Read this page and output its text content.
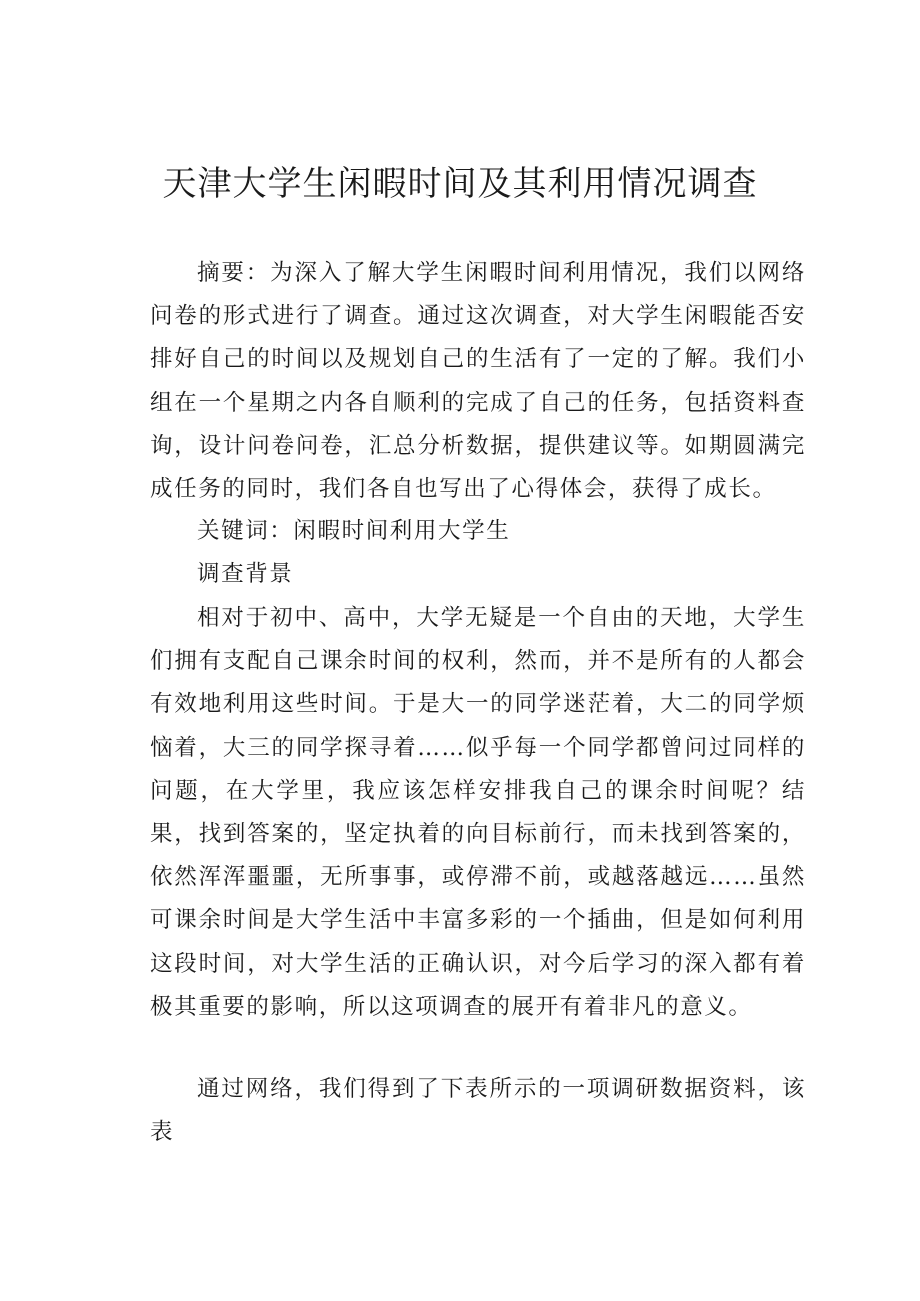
天津大学生闲暇时间及其利用情况调查

摘要：为深入了解大学生闲暇时间利用情况，我们以网络问卷的形式进行了调查。通过这次调查，对大学生闲暇能否安排好自己的时间以及规划自己的生活有了一定的了解。我们小组在一个星期之内各自顺利的完成了自己的任务，包括资料查询，设计问卷问卷，汇总分析数据，提供建议等。如期圆满完成任务的同时，我们各自也写出了心得体会，获得了成长。

关键词：闲暇时间利用大学生

调查背景

相对于初中、高中，大学无疑是一个自由的天地，大学生们拥有支配自己课余时间的权利，然而，并不是所有的人都会有效地利用这些时间。于是大一的同学迷茫着，大二的同学烦恼着，大三的同学探寻着……似乎每一个同学都曾问过同样的问题，在大学里，我应该怎样安排我自己的课余时间呢？结果，找到答案的，坚定执着的向目标前行，而未找到答案的，依然浑浑噩噩，无所事事，或停滞不前，或越落越远……虽然可课余时间是大学生活中丰富多彩的一个插曲，但是如何利用这段时间，对大学生活的正确认识，对今后学习的深入都有着极其重要的影响，所以这项调查的展开有着非凡的意义。

通过网络，我们得到了下表所示的一项调研数据资料，该表
